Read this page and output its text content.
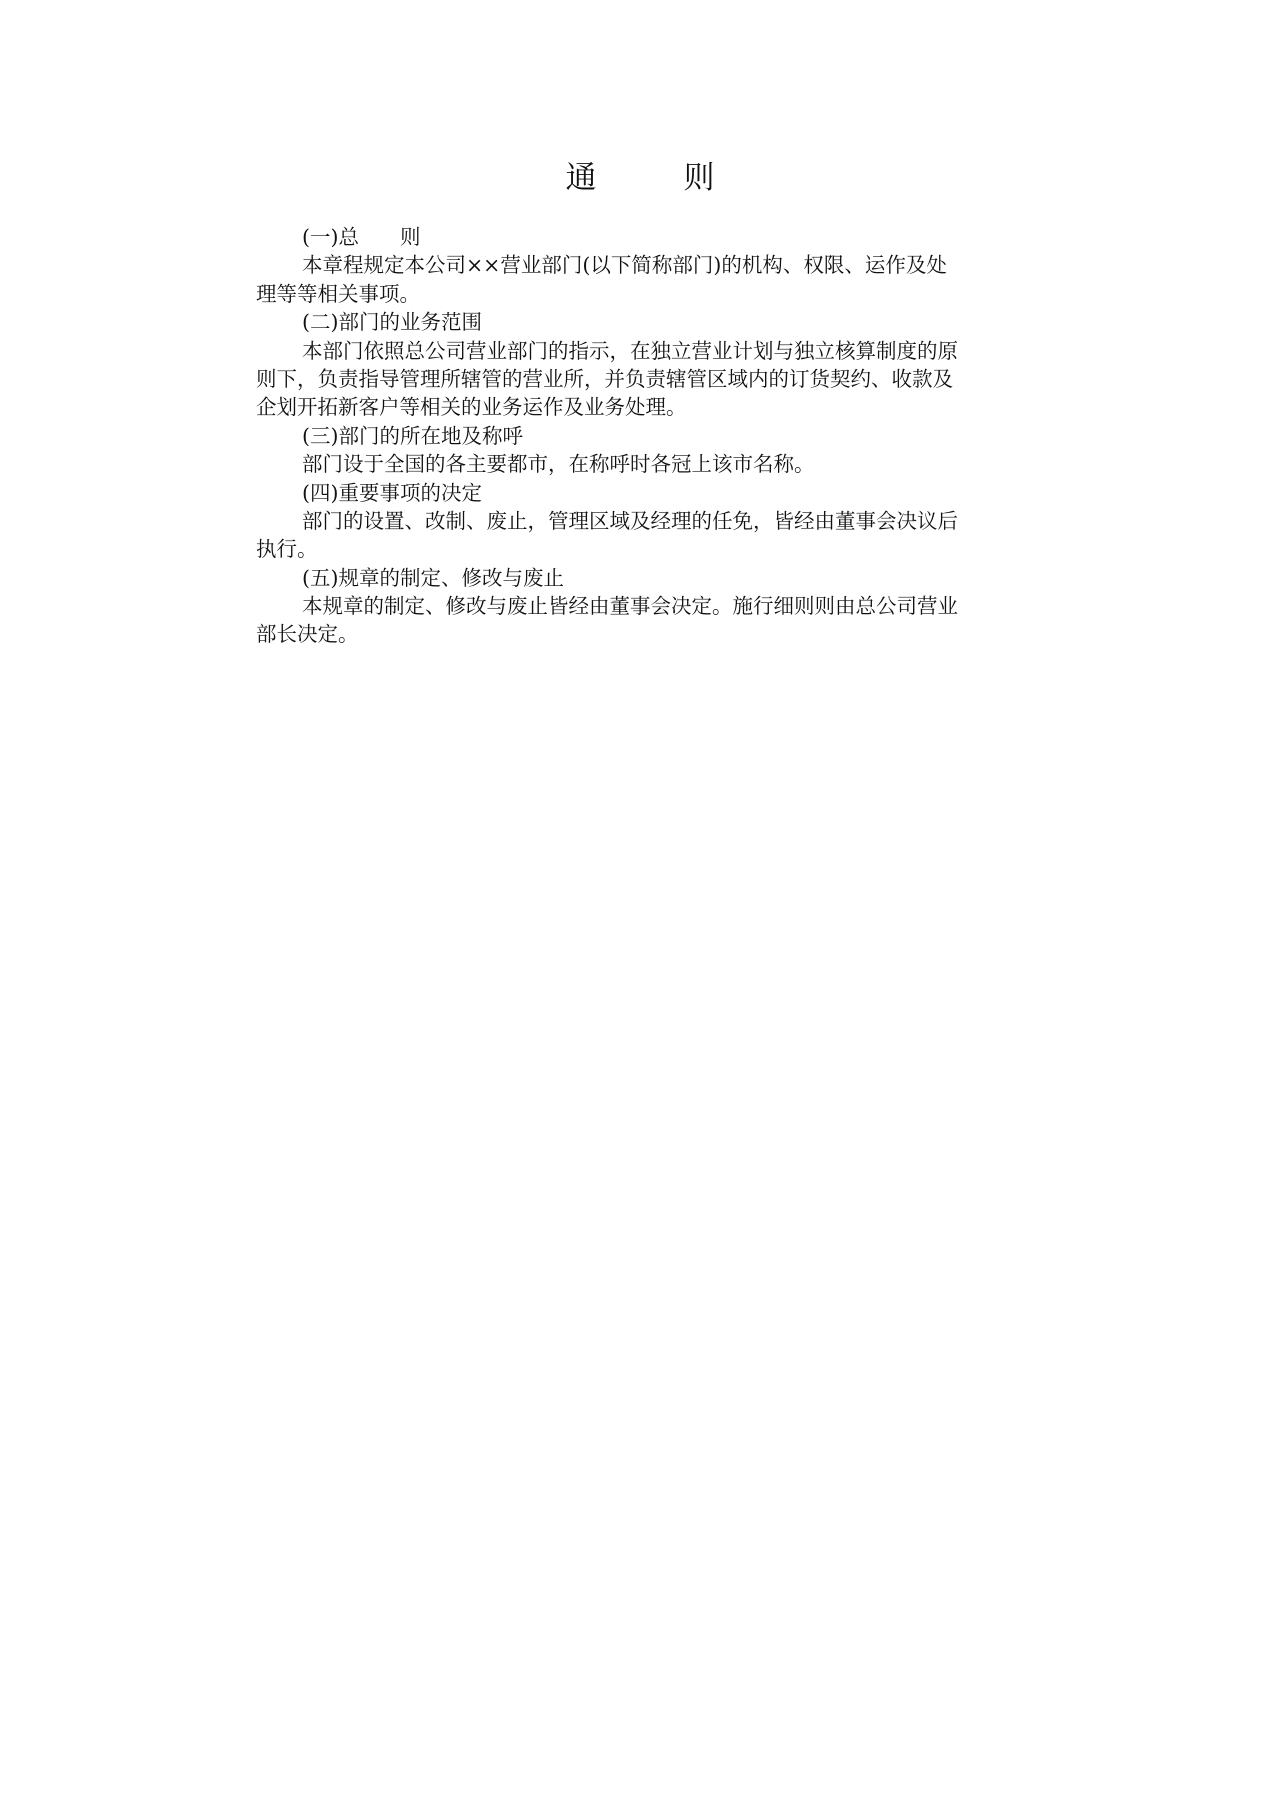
通　则
(一)总　　则
本章程规定本公司××营业部门(以下简称部门)的机构、权限、运作及处
理等等相关事项。
(二)部门的业务范围
本部门依照总公司营业部门的指示，在独立营业计划与独立核算制度的原
则下，负责指导管理所辖管的营业所，并负责辖管区域内的订货契约、收款及
企划开拓新客户等相关的业务运作及业务处理。
(三)部门的所在地及称呼
部门设于全国的各主要都市，在称呼时各冠上该市名称。
(四)重要事项的决定
部门的设置、改制、废止，管理区域及经理的任免，皆经由董事会决议后
执行。
(五)规章的制定、修改与废止
本规章的制定、修改与废止皆经由董事会决定。施行细则则由总公司营业
部长决定。
